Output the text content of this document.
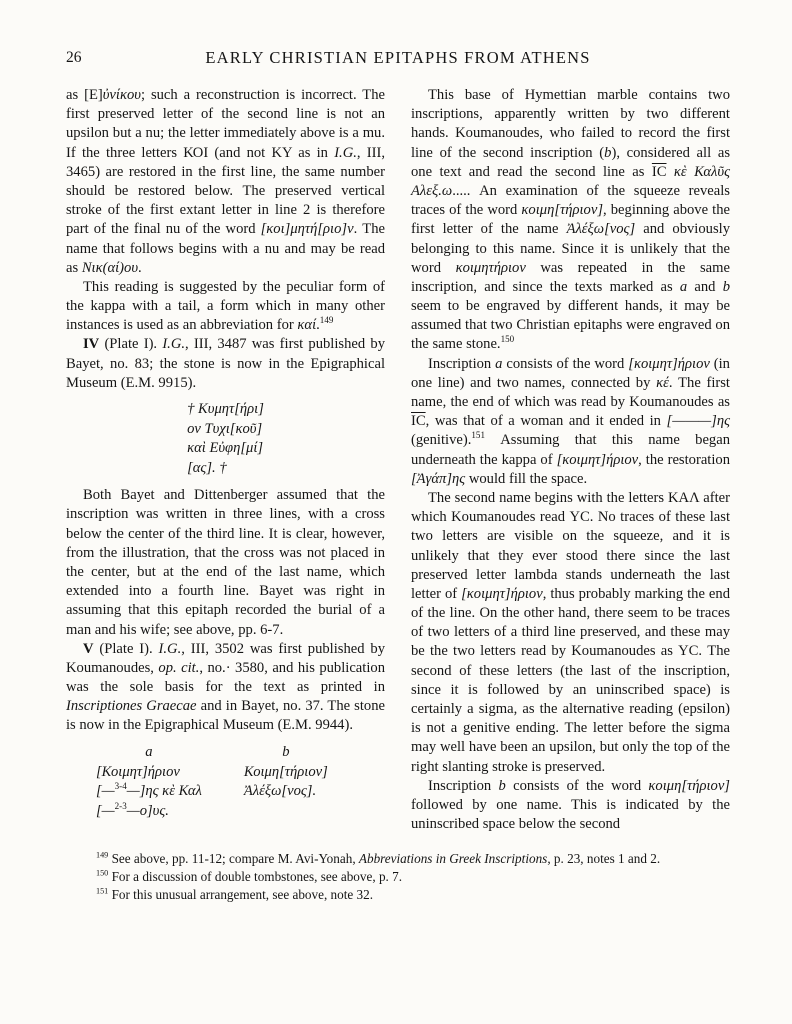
26	EARLY CHRISTIAN EPITAPHS FROM ATHENS

as [Ε]ὐνίκου; such a reconstruction is incorrect. The first preserved letter of the second line is not an upsilon but a nu; the letter immediately above is a mu. If the three letters ΚΟΙ (and not ΚΥ as in I.G., III, 3465) are restored in the first line, the same number should be restored below. The preserved vertical stroke of the first extant letter in line 2 is therefore part of the final nu of the word [κοι]μητή[ριο]ν. The name that follows begins with a nu and may be read as Νικ(αί)ου.

This reading is suggested by the peculiar form of the kappa with a tail, a form which in many other instances is used as an abbreviation for καί.$^{149}$

IV (Plate I). I.G., III, 3487 was first published by Bayet, no. 83; the stone is now in the Epigraphical Museum (E.M. 9915).

† Κυμητ[ήρι]
ον Τυχι[κοῦ]
καὶ Εὐφη[μί]
[ας]. †

Both Bayet and Dittenberger assumed that the inscription was written in three lines, with a cross below the center of the third line. It is clear, however, from the illustration, that the cross was not placed in the center, but at the end of the last name, which extended into a fourth line. Bayet was right in assuming that this epitaph recorded the burial of a man and his wife; see above, pp. 6-7.

V (Plate I). I.G., III, 3502 was first published by Koumanoudes, op. cit., no.· 3580, and his publication was the sole basis for the text as printed in Inscriptiones Graecae and in Bayet, no. 37. The stone is now in the Epigraphical Museum (E.M. 9944).

a
[Κοιμητ]ήριον
[—$^{3-4}$—]ης κὲ Καλ
[—$^{2-3}$—ο]υς.
b
Κοιμη[τήριον]
Ἀλέξω[νος].

This base of Hymettian marble contains two inscriptions, apparently written by two different hands. Koumanoudes, who failed to record the first line of the second inscription (b), considered all as one text and read the second line as $\overline{IϹ}$ κὲ Καλῦς Αλεξ.ω..... An examination of the squeeze reveals traces of the word κοιμη[τήριον], beginning above the first letter of the name Ἀλέξω[νος] and obviously belonging to this name. Since it is unlikely that the word κοιμητήριον was repeated in the same inscription, and since the texts marked as a and b seem to be engraved by different hands, it may be assumed that two Christian epitaphs were engraved on the same stone.$^{150}$

Inscription a consists of the word [κοιμητ]ήριον (in one line) and two names, connected by κέ. The first name, the end of which was read by Koumanoudes as $\overline{IϹ}$, was that of a woman and it ended in [———]ης (genitive).$^{151}$ Assuming that this name began underneath the kappa of [κοιμητ]ήριον, the restoration [Ἀγάπ]ης would fill the space.

The second name begins with the letters ΚΑΛ after which Koumanoudes read ΥϹ. No traces of these last two letters are visible on the squeeze, and it is unlikely that they ever stood there since the last preserved letter lambda stands underneath the last letter of [κοιμητ]ήριον, thus probably marking the end of the line. On the other hand, there seem to be traces of two letters of a third line preserved, and these may be the two letters read by Koumanoudes as ΥϹ. The second of these letters (the last of the inscription, since it is followed by an uninscribed space) is certainly a sigma, as the alternative reading (epsilon) is not a genitive ending. The letter before the sigma may well have been an upsilon, but only the top of the right slanting stroke is preserved.

Inscription b consists of the word κοιμη[τήριον] followed by one name. This is indicated by the uninscribed space below the second

$^{149}$ See above, pp. 11-12; compare M. Avi-Yonah, Abbreviations in Greek Inscriptions, p. 23, notes 1 and 2.

$^{150}$ For a discussion of double tombstones, see above, p. 7.

$^{151}$ For this unusual arrangement, see above, note 32.
